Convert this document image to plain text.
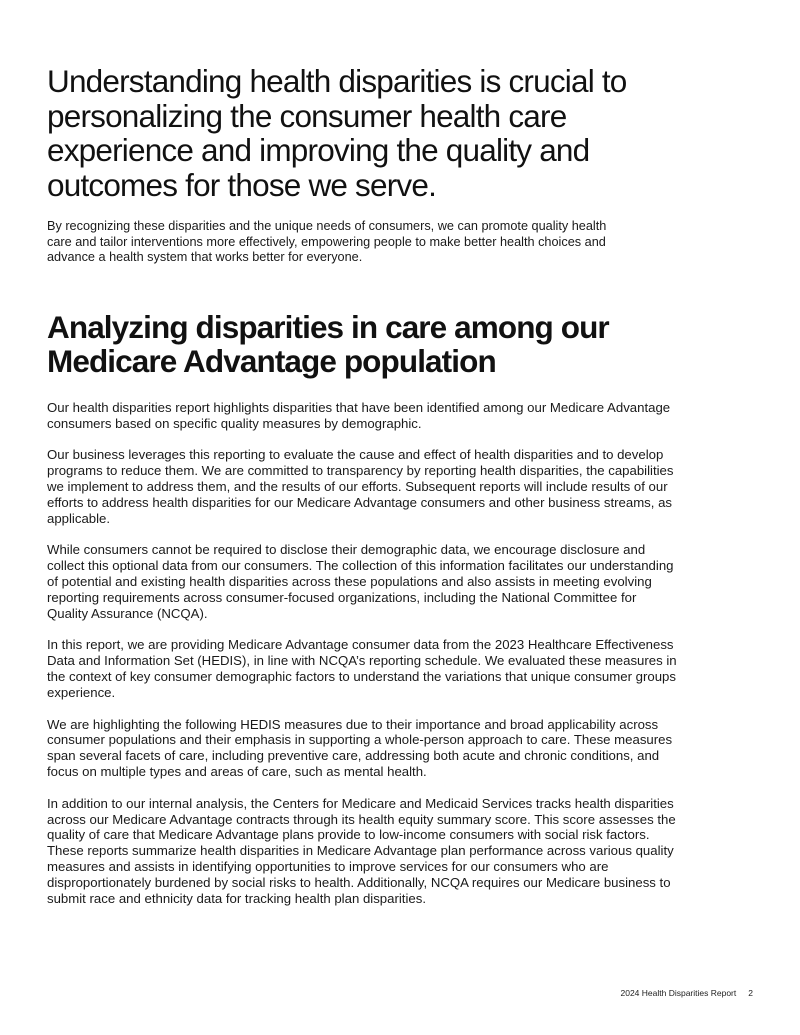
Understanding health disparities is crucial to personalizing the consumer health care experience and improving the quality and outcomes for those we serve.

By recognizing these disparities and the unique needs of consumers, we can promote quality health care and tailor interventions more effectively, empowering people to make better health choices and advance a health system that works better for everyone.

Analyzing disparities in care among our Medicare Advantage population

Our health disparities report highlights disparities that have been identified among our Medicare Advantage consumers based on specific quality measures by demographic.

Our business leverages this reporting to evaluate the cause and effect of health disparities and to develop programs to reduce them. We are committed to transparency by reporting health disparities, the capabilities we implement to address them, and the results of our efforts. Subsequent reports will include results of our efforts to address health disparities for our Medicare Advantage consumers and other business streams, as applicable.

While consumers cannot be required to disclose their demographic data, we encourage disclosure and collect this optional data from our consumers. The collection of this information facilitates our understanding of potential and existing health disparities across these populations and also assists in meeting evolving reporting requirements across consumer-focused organizations, including the National Committee for Quality Assurance (NCQA).

In this report, we are providing Medicare Advantage consumer data from the 2023 Healthcare Effectiveness Data and Information Set (HEDIS), in line with NCQA’s reporting schedule. We evaluated these measures in the context of key consumer demographic factors to understand the variations that unique consumer groups experience.

We are highlighting the following HEDIS measures due to their importance and broad applicability across consumer populations and their emphasis in supporting a whole-person approach to care. These measures span several facets of care, including preventive care, addressing both acute and chronic conditions, and focus on multiple types and areas of care, such as mental health.

In addition to our internal analysis, the Centers for Medicare and Medicaid Services tracks health disparities across our Medicare Advantage contracts through its health equity summary score. This score assesses the quality of care that Medicare Advantage plans provide to low-income consumers with social risk factors. These reports summarize health disparities in Medicare Advantage plan performance across various quality measures and assists in identifying opportunities to improve services for our consumers who are disproportionately burdened by social risks to health. Additionally, NCQA requires our Medicare business to submit race and ethnicity data for tracking health plan disparities.

2024 Health Disparities Report 2
